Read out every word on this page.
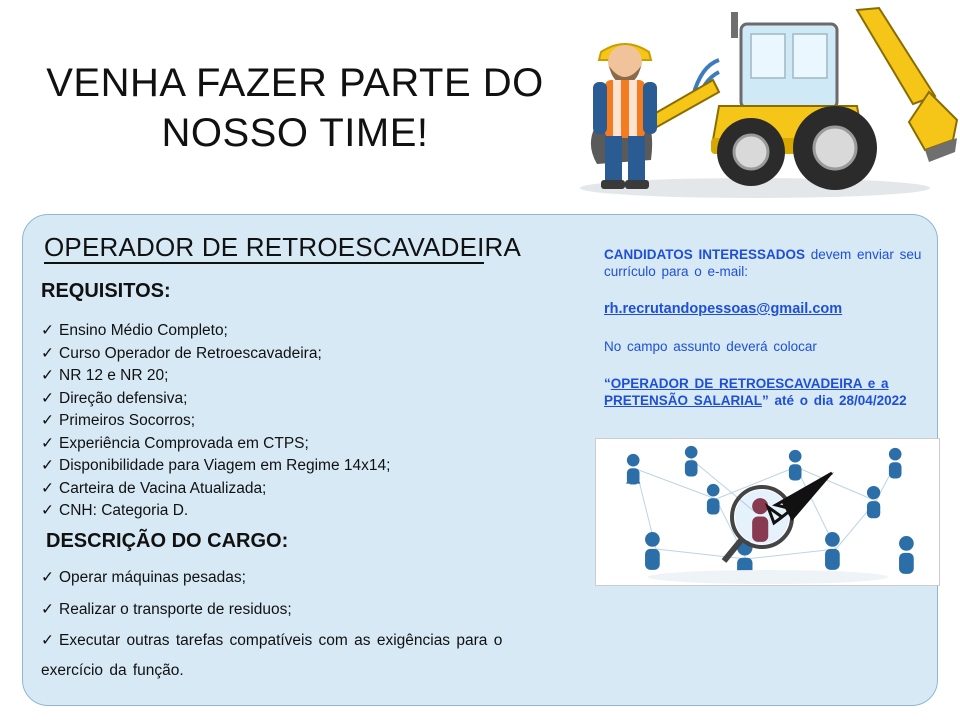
VENHA FAZER PARTE DO NOSSO TIME!
OPERADOR DE RETROESCAVADEIRA
REQUISITOS:
✓ Ensino Médio Completo;
✓ Curso Operador de Retroescavadeira;
✓ NR 12 e NR 20;
✓ Direção defensiva;
✓ Primeiros Socorros;
✓ Experiência Comprovada em CTPS;
✓ Disponibilidade para Viagem em Regime 14x14;
✓ Carteira de Vacina Atualizada;
✓ CNH: Categoria D.
DESCRIÇÃO DO CARGO:
✓ Operar máquinas pesadas;
✓ Realizar o transporte de residuos;
✓ Executar outras tarefas compatíveis com as exigências para o exercício da função.

CANDIDATOS INTERESSADOS devem enviar seu currículo para o e-mail:

rh.recrutandopessoas@gmail.com

No campo assunto deverá colocar

“OPERADOR DE RETROESCAVADEIRA e a PRETENSÃO SALARIAL” até o dia 28/04/2022
